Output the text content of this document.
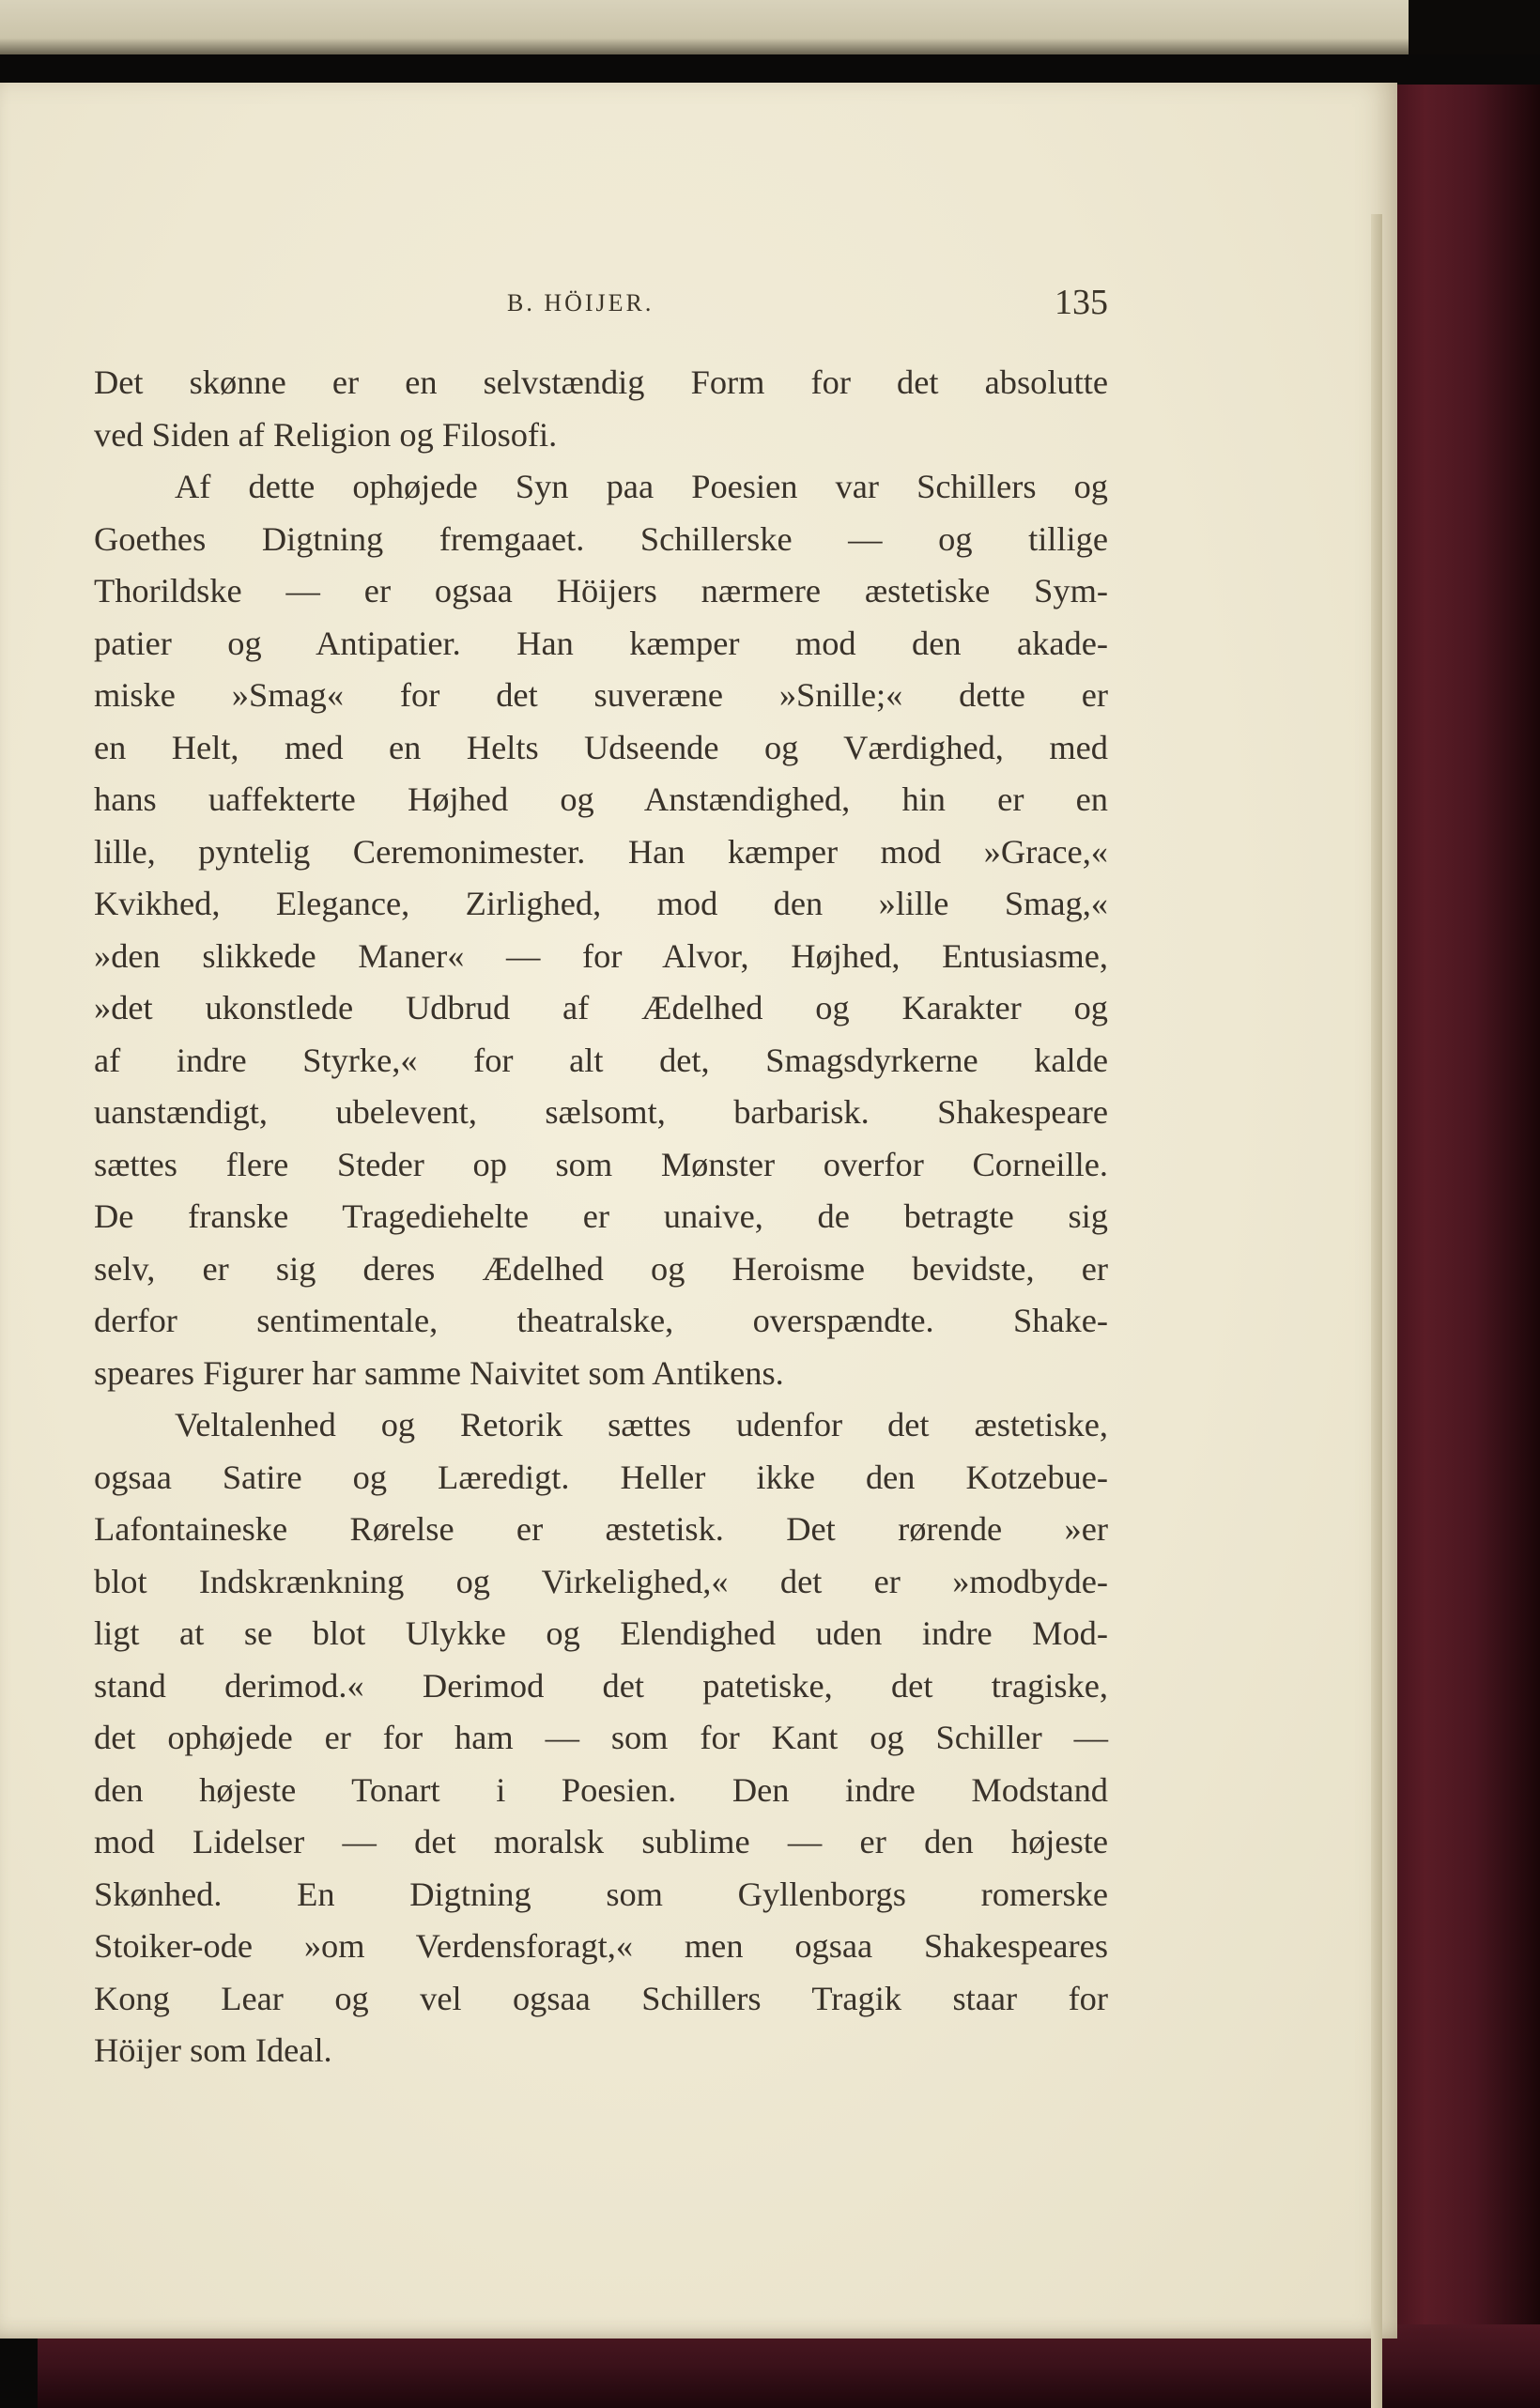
B. HÖIJER.	135
Det skønne er en selvstændig Form for det absolutte
ved Siden af Religion og Filosofi.
Af dette ophøjede Syn paa Poesien var Schillers og
Goethes Digtning fremgaaet. Schillerske — og tillige
Thorildske — er ogsaa Höijers nærmere æstetiske Sym-
patier og Antipatier. Han kæmper mod den akade-
miske »Smag« for det suveræne »Snille;« dette er
en Helt, med en Helts Udseende og Værdighed, med
hans uaffekterte Højhed og Anstændighed, hin er en
lille, pyntelig Ceremonimester. Han kæmper mod »Grace,«
Kvikhed, Elegance, Zirlighed, mod den »lille Smag,«
»den slikkede Maner« — for Alvor, Højhed, Entusiasme,
»det ukonstlede Udbrud af Ædelhed og Karakter og
af indre Styrke,« for alt det, Smagsdyrkerne kalde
uanstændigt, ubelevent, sælsomt, barbarisk. Shakespeare
sættes flere Steder op som Mønster overfor Corneille.
De franske Tragediehelte er unaive, de betragte sig
selv, er sig deres Ædelhed og Heroisme bevidste, er
derfor sentimentale, theatralske, overspændte. Shake-
speares Figurer har samme Naivitet som Antikens.
Veltalenhed og Retorik sættes udenfor det æstetiske,
ogsaa Satire og Læredigt. Heller ikke den Kotzebue-
Lafontaineske Rørelse er æstetisk. Det rørende »er
blot Indskrænkning og Virkelighed,« det er »modbyde-
ligt at se blot Ulykke og Elendighed uden indre Mod-
stand derimod.« Derimod det patetiske, det tragiske,
det ophøjede er for ham — som for Kant og Schiller —
den højeste Tonart i Poesien. Den indre Modstand
mod Lidelser — det moralsk sublime — er den højeste
Skønhed. En Digtning som Gyllenborgs romerske
Stoiker-ode »om Verdensforagt,« men ogsaa Shakespeares
Kong Lear og vel ogsaa Schillers Tragik staar for
Höijer som Ideal.
